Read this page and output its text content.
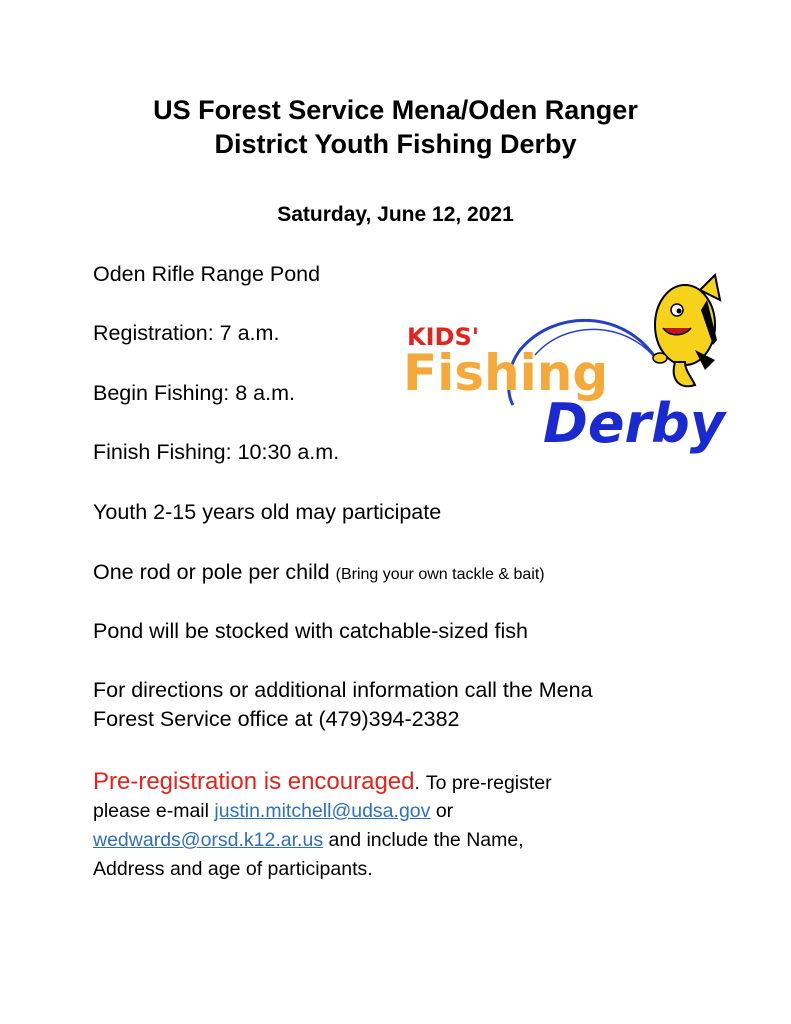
US Forest Service Mena/Oden Ranger
District Youth Fishing Derby
Saturday, June 12, 2021
Oden Rifle Range Pond
Registration: 7 a.m.
Begin Fishing: 8 a.m.
Finish Fishing: 10:30 a.m.
Youth 2-15 years old may participate
One rod or pole per child (Bring your own tackle & bait)
Pond will be stocked with catchable-sized fish
For directions or additional information call the Mena
Forest Service office at (479)394-2382
Pre-registration is encouraged. To pre-register
please e-mail justin.mitchell@udsa.gov or
wedwards@orsd.k12.ar.us and include the Name,
Address and age of participants.
KIDS'
Fishing
Derby
